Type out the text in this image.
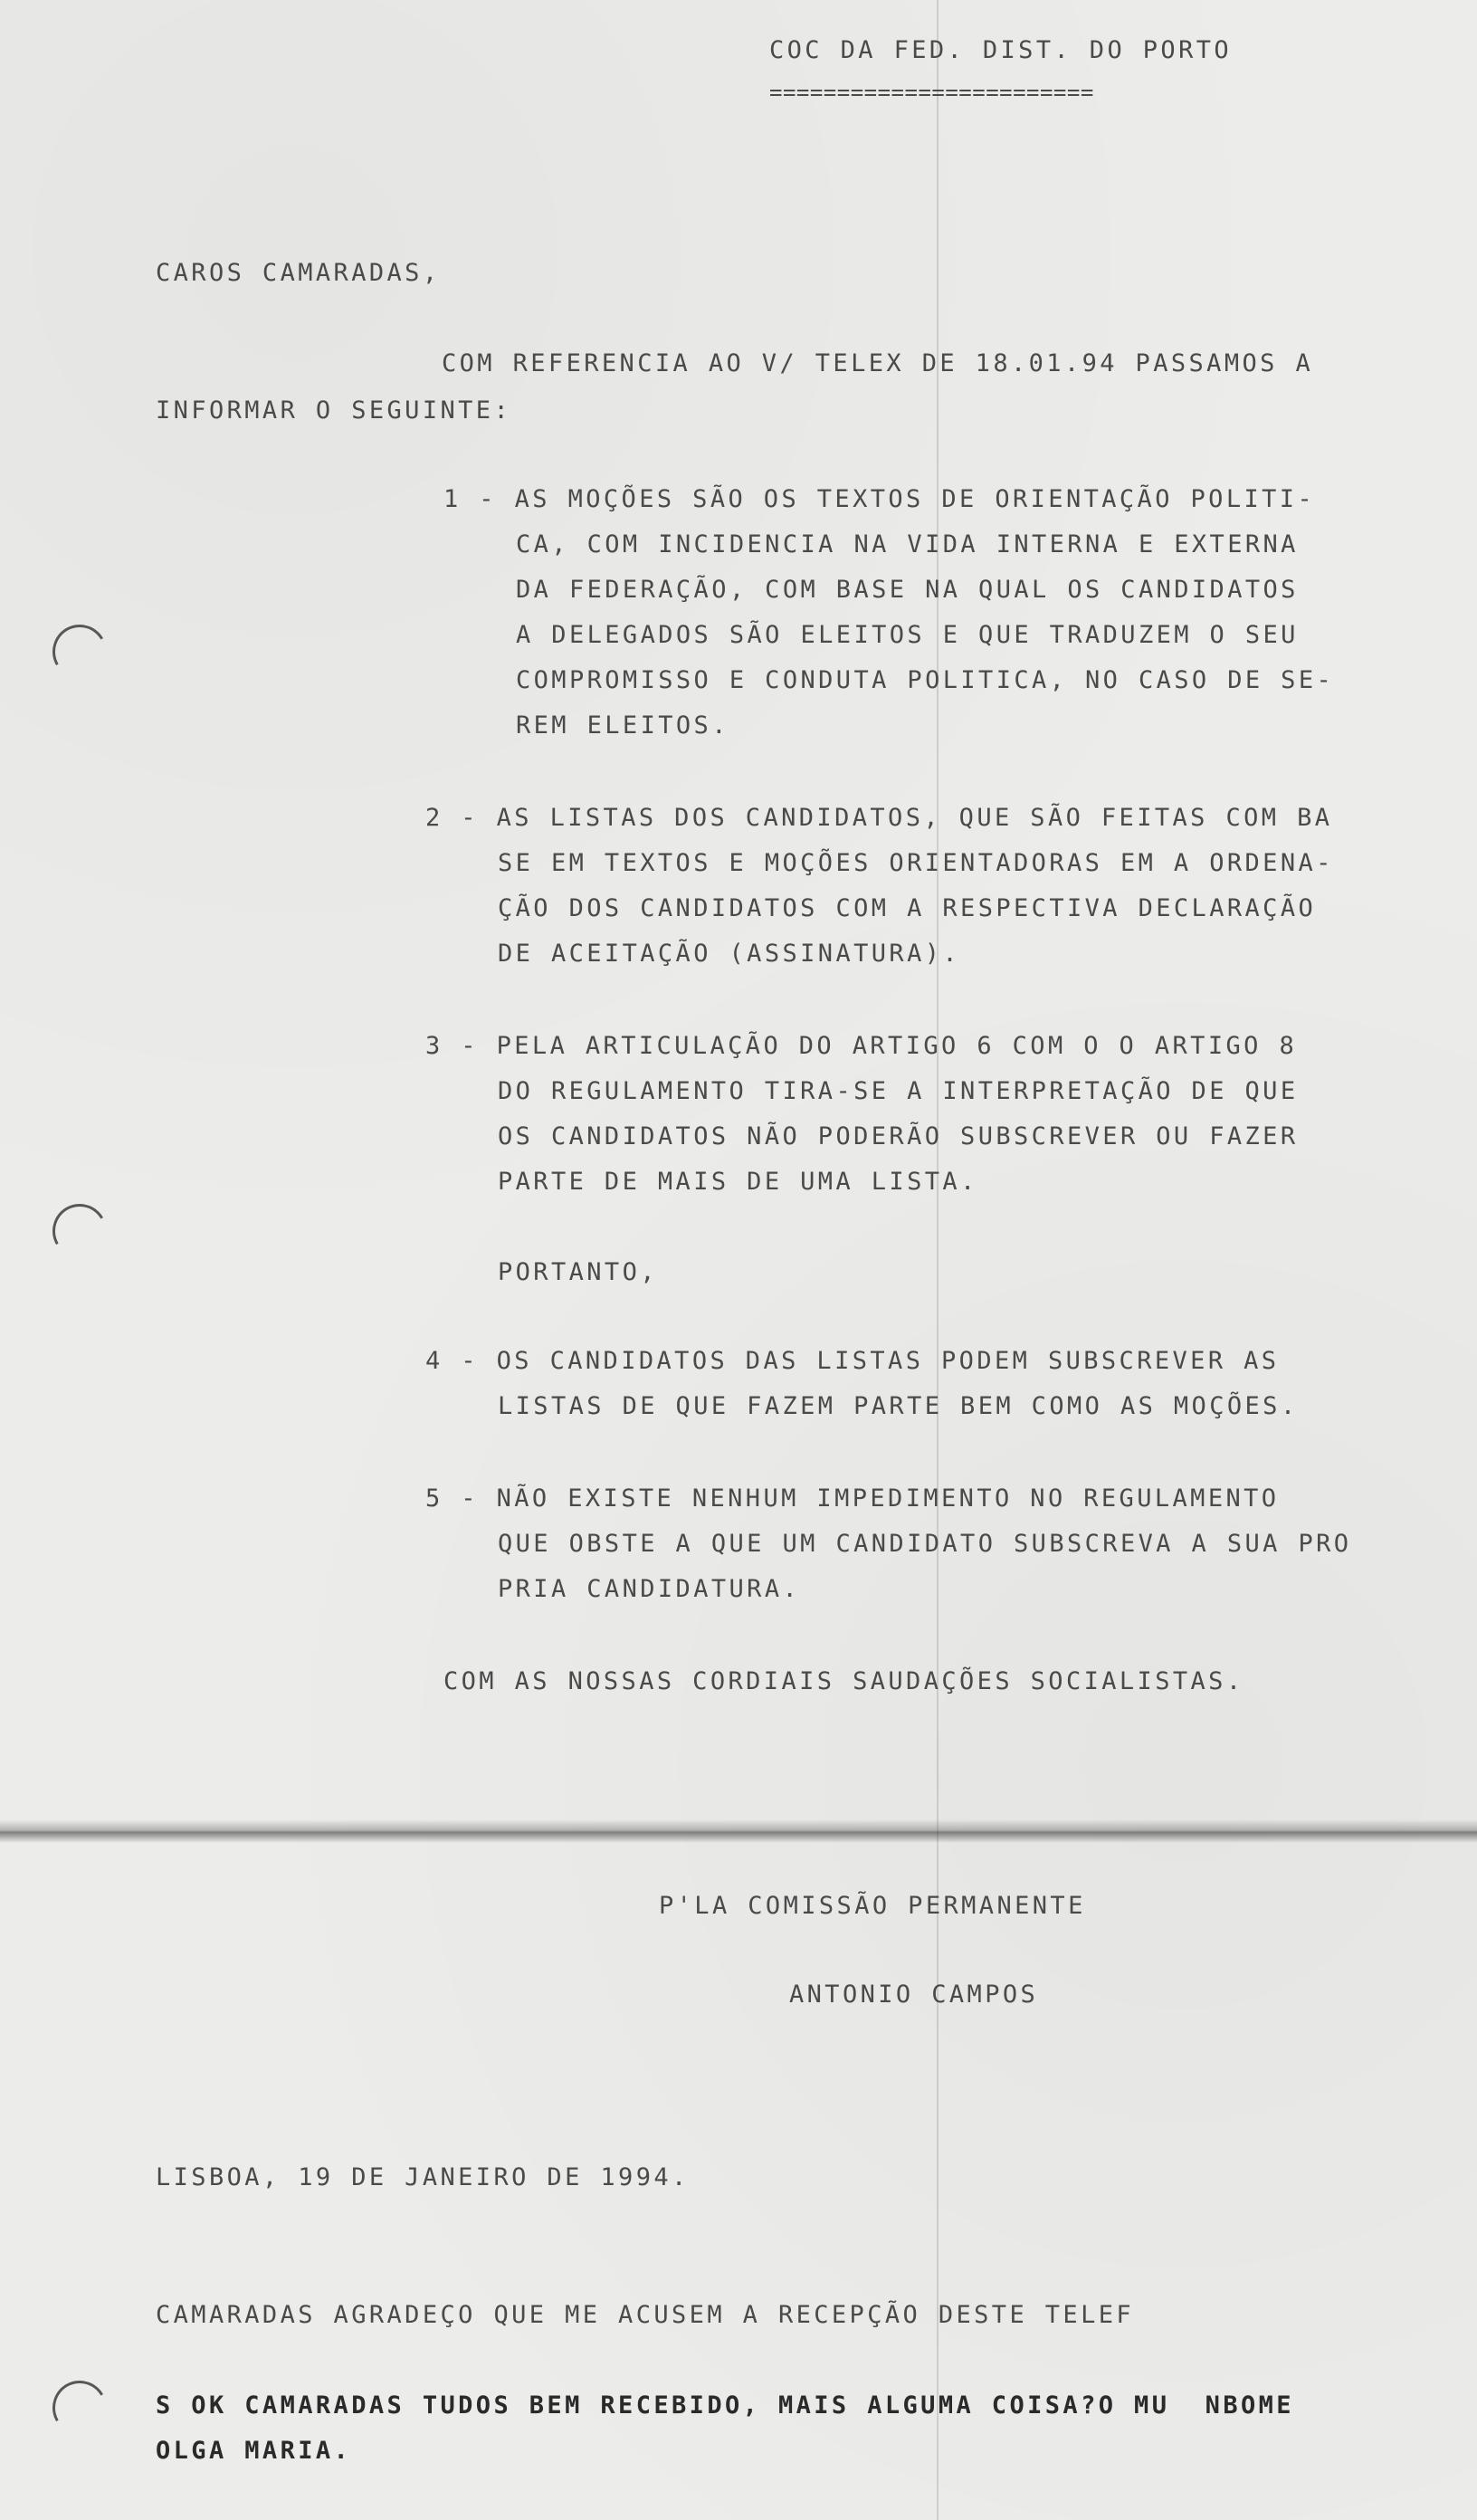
COC DA FED. DIST. DO PORTO
========================
CAROS CAMARADAS,
COM REFERENCIA AO V/ TELEX DE 18.01.94 PASSAMOS A
INFORMAR O SEGUINTE:
1 - AS MOÇÕES SÃO OS TEXTOS DE ORIENTAÇÃO POLITI-
CA, COM INCIDENCIA NA VIDA INTERNA E EXTERNA
DA FEDERAÇÃO, COM BASE NA QUAL OS CANDIDATOS
A DELEGADOS SÃO ELEITOS E QUE TRADUZEM O SEU
COMPROMISSO E CONDUTA POLITICA, NO CASO DE SE-
REM ELEITOS.
2 - AS LISTAS DOS CANDIDATOS, QUE SÃO FEITAS COM BA
SE EM TEXTOS E MOÇÕES ORIENTADORAS EM A ORDENA-
ÇÃO DOS CANDIDATOS COM A RESPECTIVA DECLARAÇÃO
DE ACEITAÇÃO (ASSINATURA).
3 - PELA ARTICULAÇÃO DO ARTIGO 6 COM O O ARTIGO 8
DO REGULAMENTO TIRA-SE A INTERPRETAÇÃO DE QUE
OS CANDIDATOS NÃO PODERÃO SUBSCREVER OU FAZER
PARTE DE MAIS DE UMA LISTA.
PORTANTO,
4 - OS CANDIDATOS DAS LISTAS PODEM SUBSCREVER AS
LISTAS DE QUE FAZEM PARTE BEM COMO AS MOÇÕES.
5 - NÃO EXISTE NENHUM IMPEDIMENTO NO REGULAMENTO
QUE OBSTE A QUE UM CANDIDATO SUBSCREVA A SUA PRO
PRIA CANDIDATURA.
COM AS NOSSAS CORDIAIS SAUDAÇÕES SOCIALISTAS.
P'LA COMISSÃO PERMANENTE
ANTONIO CAMPOS
LISBOA, 19 DE JANEIRO DE 1994.
CAMARADAS AGRADEÇO QUE ME ACUSEM A RECEPÇÃO DESTE TELEF
S OK CAMARADAS TUDOS BEM RECEBIDO, MAIS ALGUMA COISA?O MU  NBOME
OLGA MARIA.
